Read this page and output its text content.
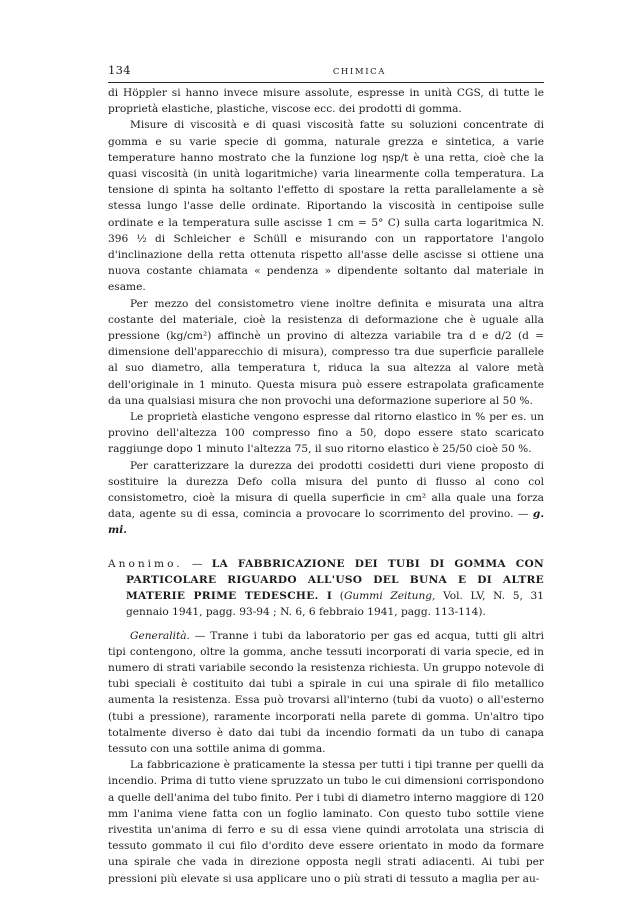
134	CHIMICA

di Höppler si hanno invece misure assolute, espresse in unità CGS, di tutte le proprietà elastiche, plastiche, viscose ecc. dei prodotti di gomma.

Misure di viscosità e di quasi viscosità fatte su soluzioni concentrate di gomma e su varie specie di gomma, naturale grezza e sintetica, a varie temperature hanno mostrato che la funzione log ηsp/t è una retta, cioè che la quasi viscosità (in unità logaritmiche) varia linearmente colla temperatura. La tensione di spinta ha soltanto l'effetto di spostare la retta parallelamente a sè stessa lungo l'asse delle ordinate. Riportando la viscosità in centipoise sulle ordinate e la temperatura sulle ascisse 1 cm = 5° C) sulla carta logaritmica N. 396 ½ di Schleicher e Schüll e misurando con un rapportatore l'angolo d'inclinazione della retta ottenuta rispetto all'asse delle ascisse si ottiene una nuova costante chiamata « pendenza » dipendente soltanto dal materiale in esame.

Per mezzo del consistometro viene inoltre definita e misurata una altra costante del materiale, cioè la resistenza di deformazione che è uguale alla pressione (kg/cm²) affinchè un provino di altezza variabile tra d e d/2 (d = dimensione dell'apparecchio di misura), compresso tra due superficie parallele al suo diametro, alla temperatura t, riduca la sua altezza al valore metà dell'originale in 1 minuto. Questa misura può essere estrapolata graficamente da una qualsiasi misura che non provochi una deformazione superiore al 50 %.

Le proprietà elastiche vengono espresse dal ritorno elastico in % per es. un provino dell'altezza 100 compresso fino a 50, dopo essere stato scaricato raggiunge dopo 1 minuto l'altezza 75, il suo ritorno elastico è 25/50 cioè 50 %.

Per caratterizzare la durezza dei prodotti cosidetti duri viene proposto di sostituire la durezza Defo colla misura del punto di flusso al cono col consistometro, cioè la misura di quella superficie in cm² alla quale una forza data, agente su di essa, comincia a provocare lo scorrimento del provino. — g. mi.

Anonimo. — LA FABBRICAZIONE DEI TUBI DI GOMMA CON PARTICOLARE RIGUARDO ALL'USO DEL BUNA E DI ALTRE MATERIE PRIME TEDESCHE. I (Gummi Zeitung, Vol. LV, N. 5, 31 gennaio 1941, pagg. 93-94 ; N. 6, 6 febbraio 1941, pagg. 113-114).

Generalità. — Tranne i tubi da laboratorio per gas ed acqua, tutti gli altri tipi contengono, oltre la gomma, anche tessuti incorporati di varia specie, ed in numero di strati variabile secondo la resistenza richiesta. Un gruppo notevole di tubi speciali è costituito dai tubi a spirale in cui una spirale di filo metallico aumenta la resistenza. Essa può trovarsi all'interno (tubi da vuoto) o all'esterno (tubi a pressione), raramente incorporati nella parete di gomma. Un'altro tipo totalmente diverso è dato dai tubi da incendio formati da un tubo di canapa tessuto con una sottile anima di gomma.

La fabbricazione è praticamente la stessa per tutti i tipi tranne per quelli da incendio. Prima di tutto viene spruzzato un tubo le cui dimensioni corrispondono a quelle dell'anima del tubo finito. Per i tubi di diametro interno maggiore di 120 mm l'anima viene fatta con un foglio laminato. Con questo tubo sottile viene rivestita un'anima di ferro e su di essa viene quindi arrotolata una striscia di tessuto gommato il cui filo d'ordito deve essere orientato in modo da formare una spirale che vada in direzione opposta negli strati adiacenti. Ai tubi per pressioni più elevate si usa applicare uno o più strati di tessuto a maglia per au-
